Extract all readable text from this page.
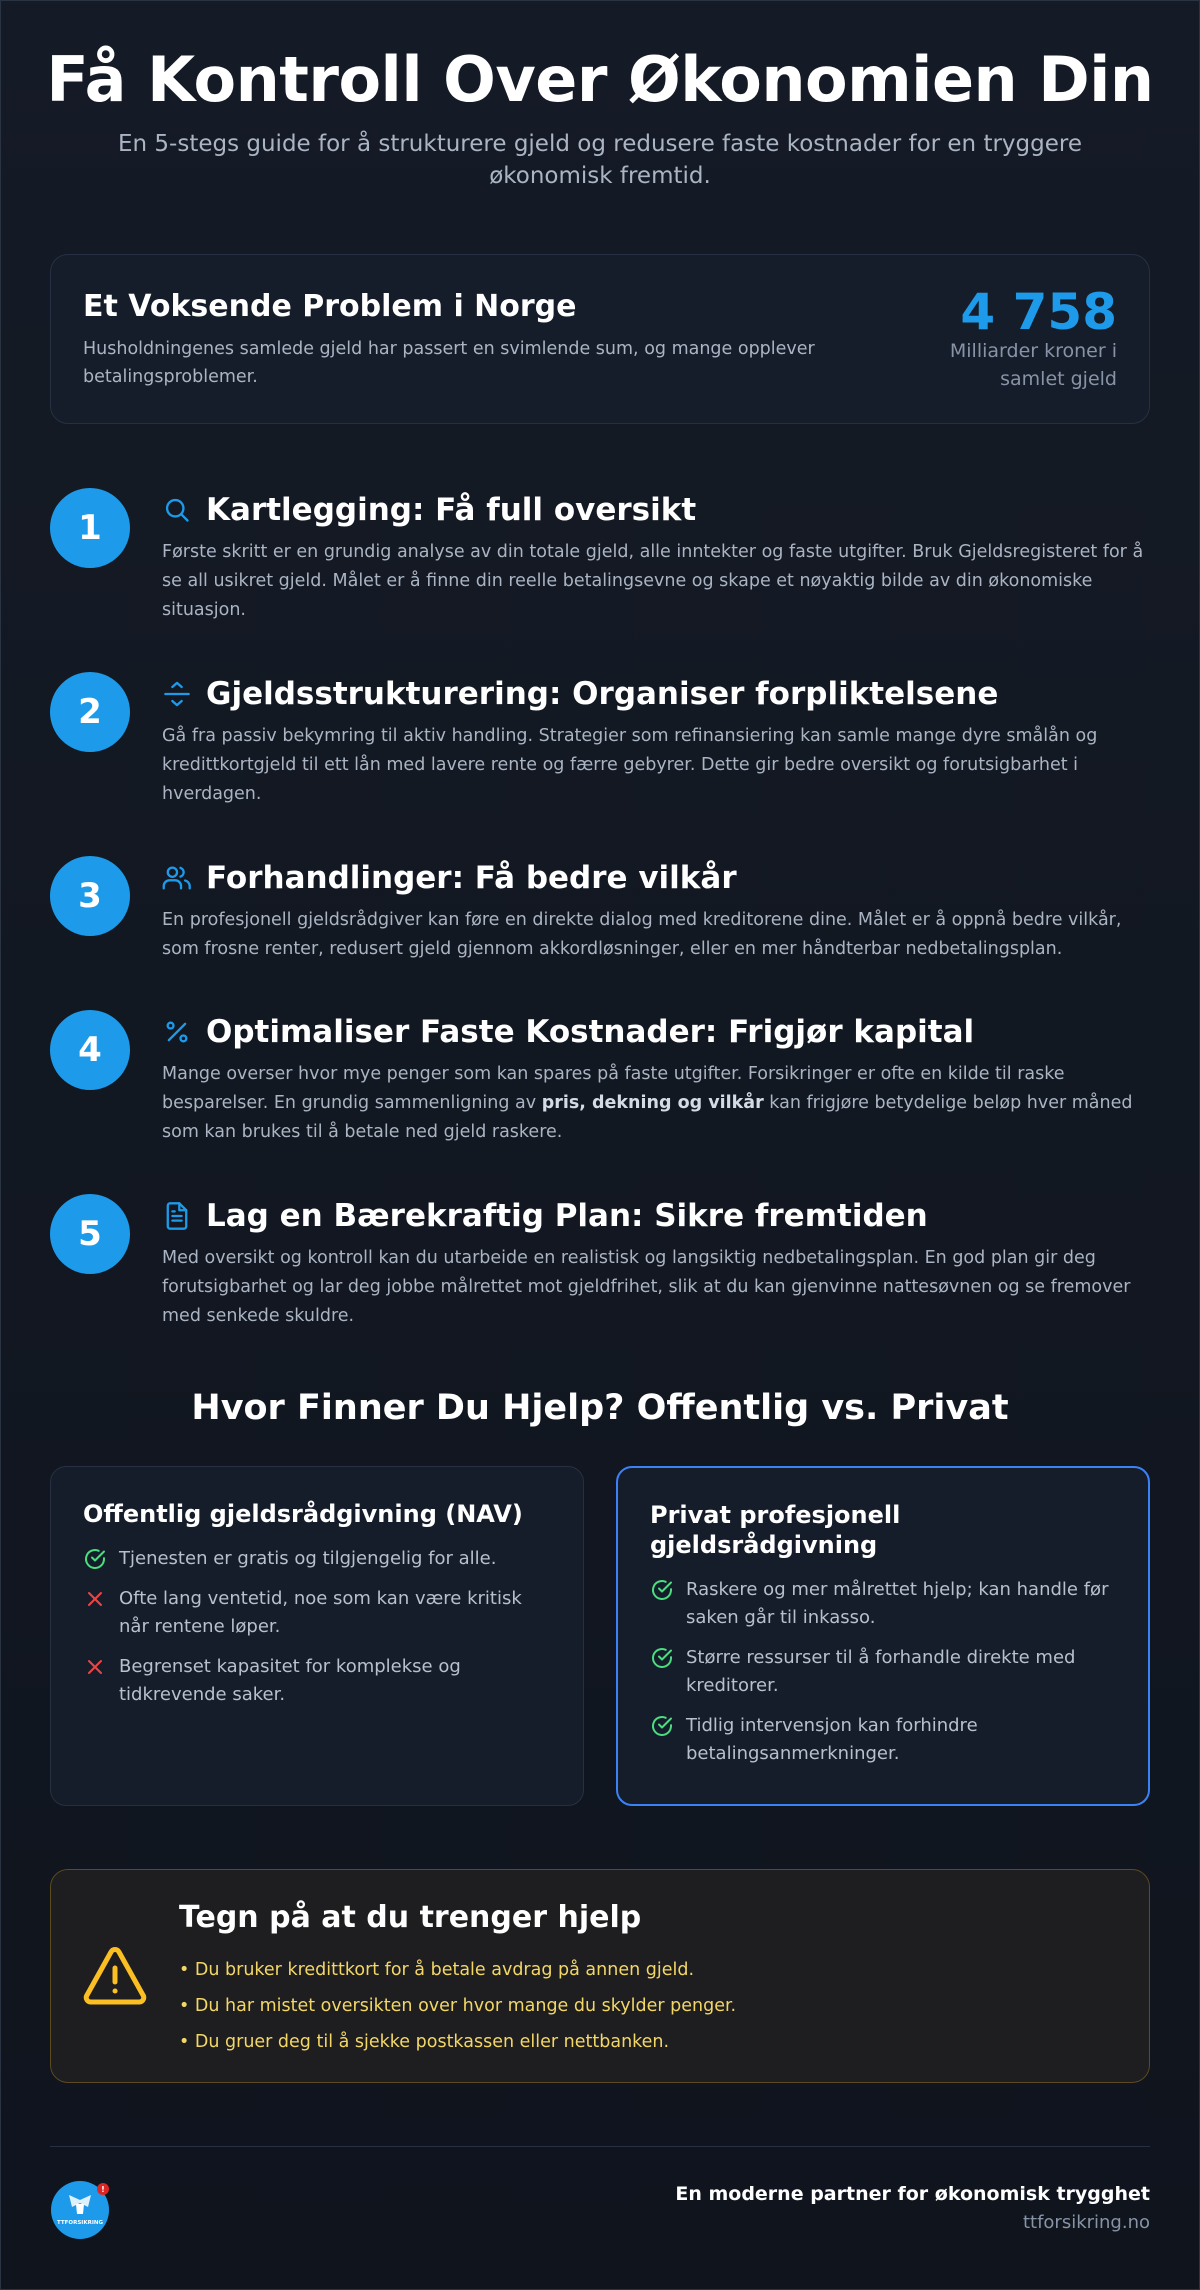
Få Kontroll Over Økonomien Din

En 5-stegs guide for å strukturere gjeld og redusere faste kostnader for en tryggere økonomisk fremtid.

Et Voksende Problem i Norge
Husholdningenes samlede gjeld har passert en svimlende sum, og mange opplever betalingsproblemer.
4 758
Milliarder kroner i samlet gjeld
1	Kartlegging: Få full oversikt

Første skritt er en grundig analyse av din totale gjeld, alle inntekter og faste utgifter. Bruk Gjeldsregisteret for å se all usikret gjeld. Målet er å finne din reelle betalingsevne og skape et nøyaktig bilde av din økonomiske situasjon.

2	Gjeldsstrukturering: Organiser forpliktelsene

Gå fra passiv bekymring til aktiv handling. Strategier som refinansiering kan samle mange dyre smålån og kredittkortgjeld til ett lån med lavere rente og færre gebyrer. Dette gir bedre oversikt og forutsigbarhet i hverdagen.

3	Forhandlinger: Få bedre vilkår

En profesjonell gjeldsrådgiver kan føre en direkte dialog med kreditorene dine. Målet er å oppnå bedre vilkår, som frosne renter, redusert gjeld gjennom akkordløsninger, eller en mer håndterbar nedbetalingsplan.

4	Optimaliser Faste Kostnader: Frigjør kapital

Mange overser hvor mye penger som kan spares på faste utgifter. Forsikringer er ofte en kilde til raske besparelser. En grundig sammenligning av pris, dekning og vilkår kan frigjøre betydelige beløp hver måned som kan brukes til å betale ned gjeld raskere.

5	Lag en Bærekraftig Plan: Sikre fremtiden

Med oversikt og kontroll kan du utarbeide en realistisk og langsiktig nedbetalingsplan. En god plan gir deg forutsigbarhet og lar deg jobbe målrettet mot gjeldfrihet, slik at du kan gjenvinne nattesøvnen og se fremover med senkede skuldre.

Hvor Finner Du Hjelp? Offentlig vs. Privat
Offentlig gjeldsrådgivning (NAV)
Tjenesten er gratis og tilgjengelig for alle.
Ofte lang ventetid, noe som kan være kritisk når rentene løper.
Begrenset kapasitet for komplekse og tidkrevende saker.
Privat profesjonell gjeldsrådgivning
Raskere og mer målrettet hjelp; kan handle før saken går til inkasso.
Større ressurser til å forhandle direkte med kreditorer.
Tidlig intervensjon kan forhindre betalingsanmerkninger.
Tegn på at du trenger hjelp
• Du bruker kredittkort for å betale avdrag på annen gjeld.
• Du har mistet oversikten over hvor mange du skylder penger.
• Du gruer deg til å sjekke postkassen eller nettbanken.
TTFORSIKRING
!	En moderne partner for økonomisk trygghet
ttforsikring.no
